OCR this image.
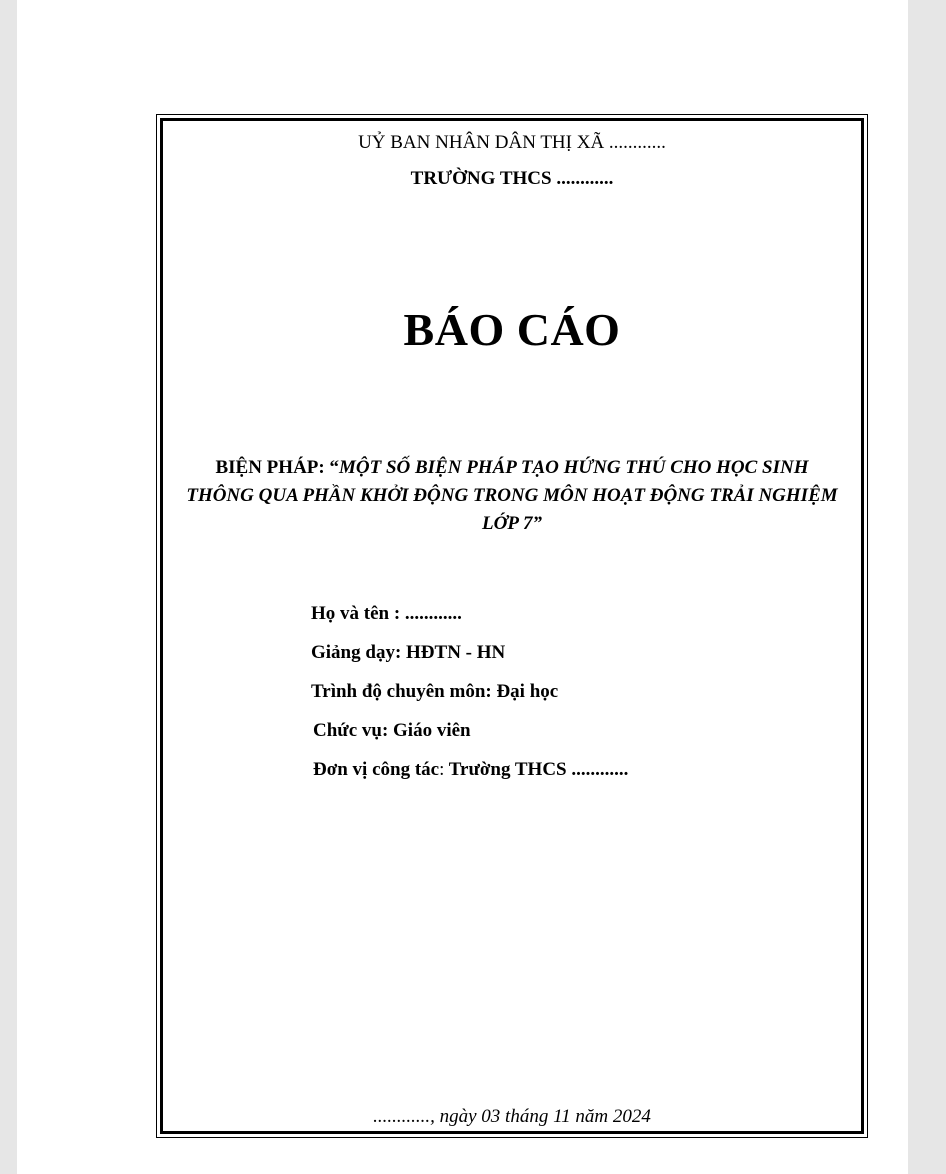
UỶ BAN NHÂN DÂN THỊ XÃ ............
TRƯỜNG THCS ............
BÁO CÁO
BIỆN PHÁP: “MỘT SỐ BIỆN PHÁP TẠO HỨNG THÚ CHO HỌC SINH THÔNG QUA PHẦN KHỞI ĐỘNG TRONG MÔN HOẠT ĐỘNG TRẢI NGHIỆM LỚP 7”
Họ và tên : ............
Giảng dạy: HĐTN - HN
Trình độ chuyên môn: Đại học
Chức vụ: Giáo viên
Đơn vị công tác: Trường THCS ............
............, ngày 03 tháng 11 năm 2024
